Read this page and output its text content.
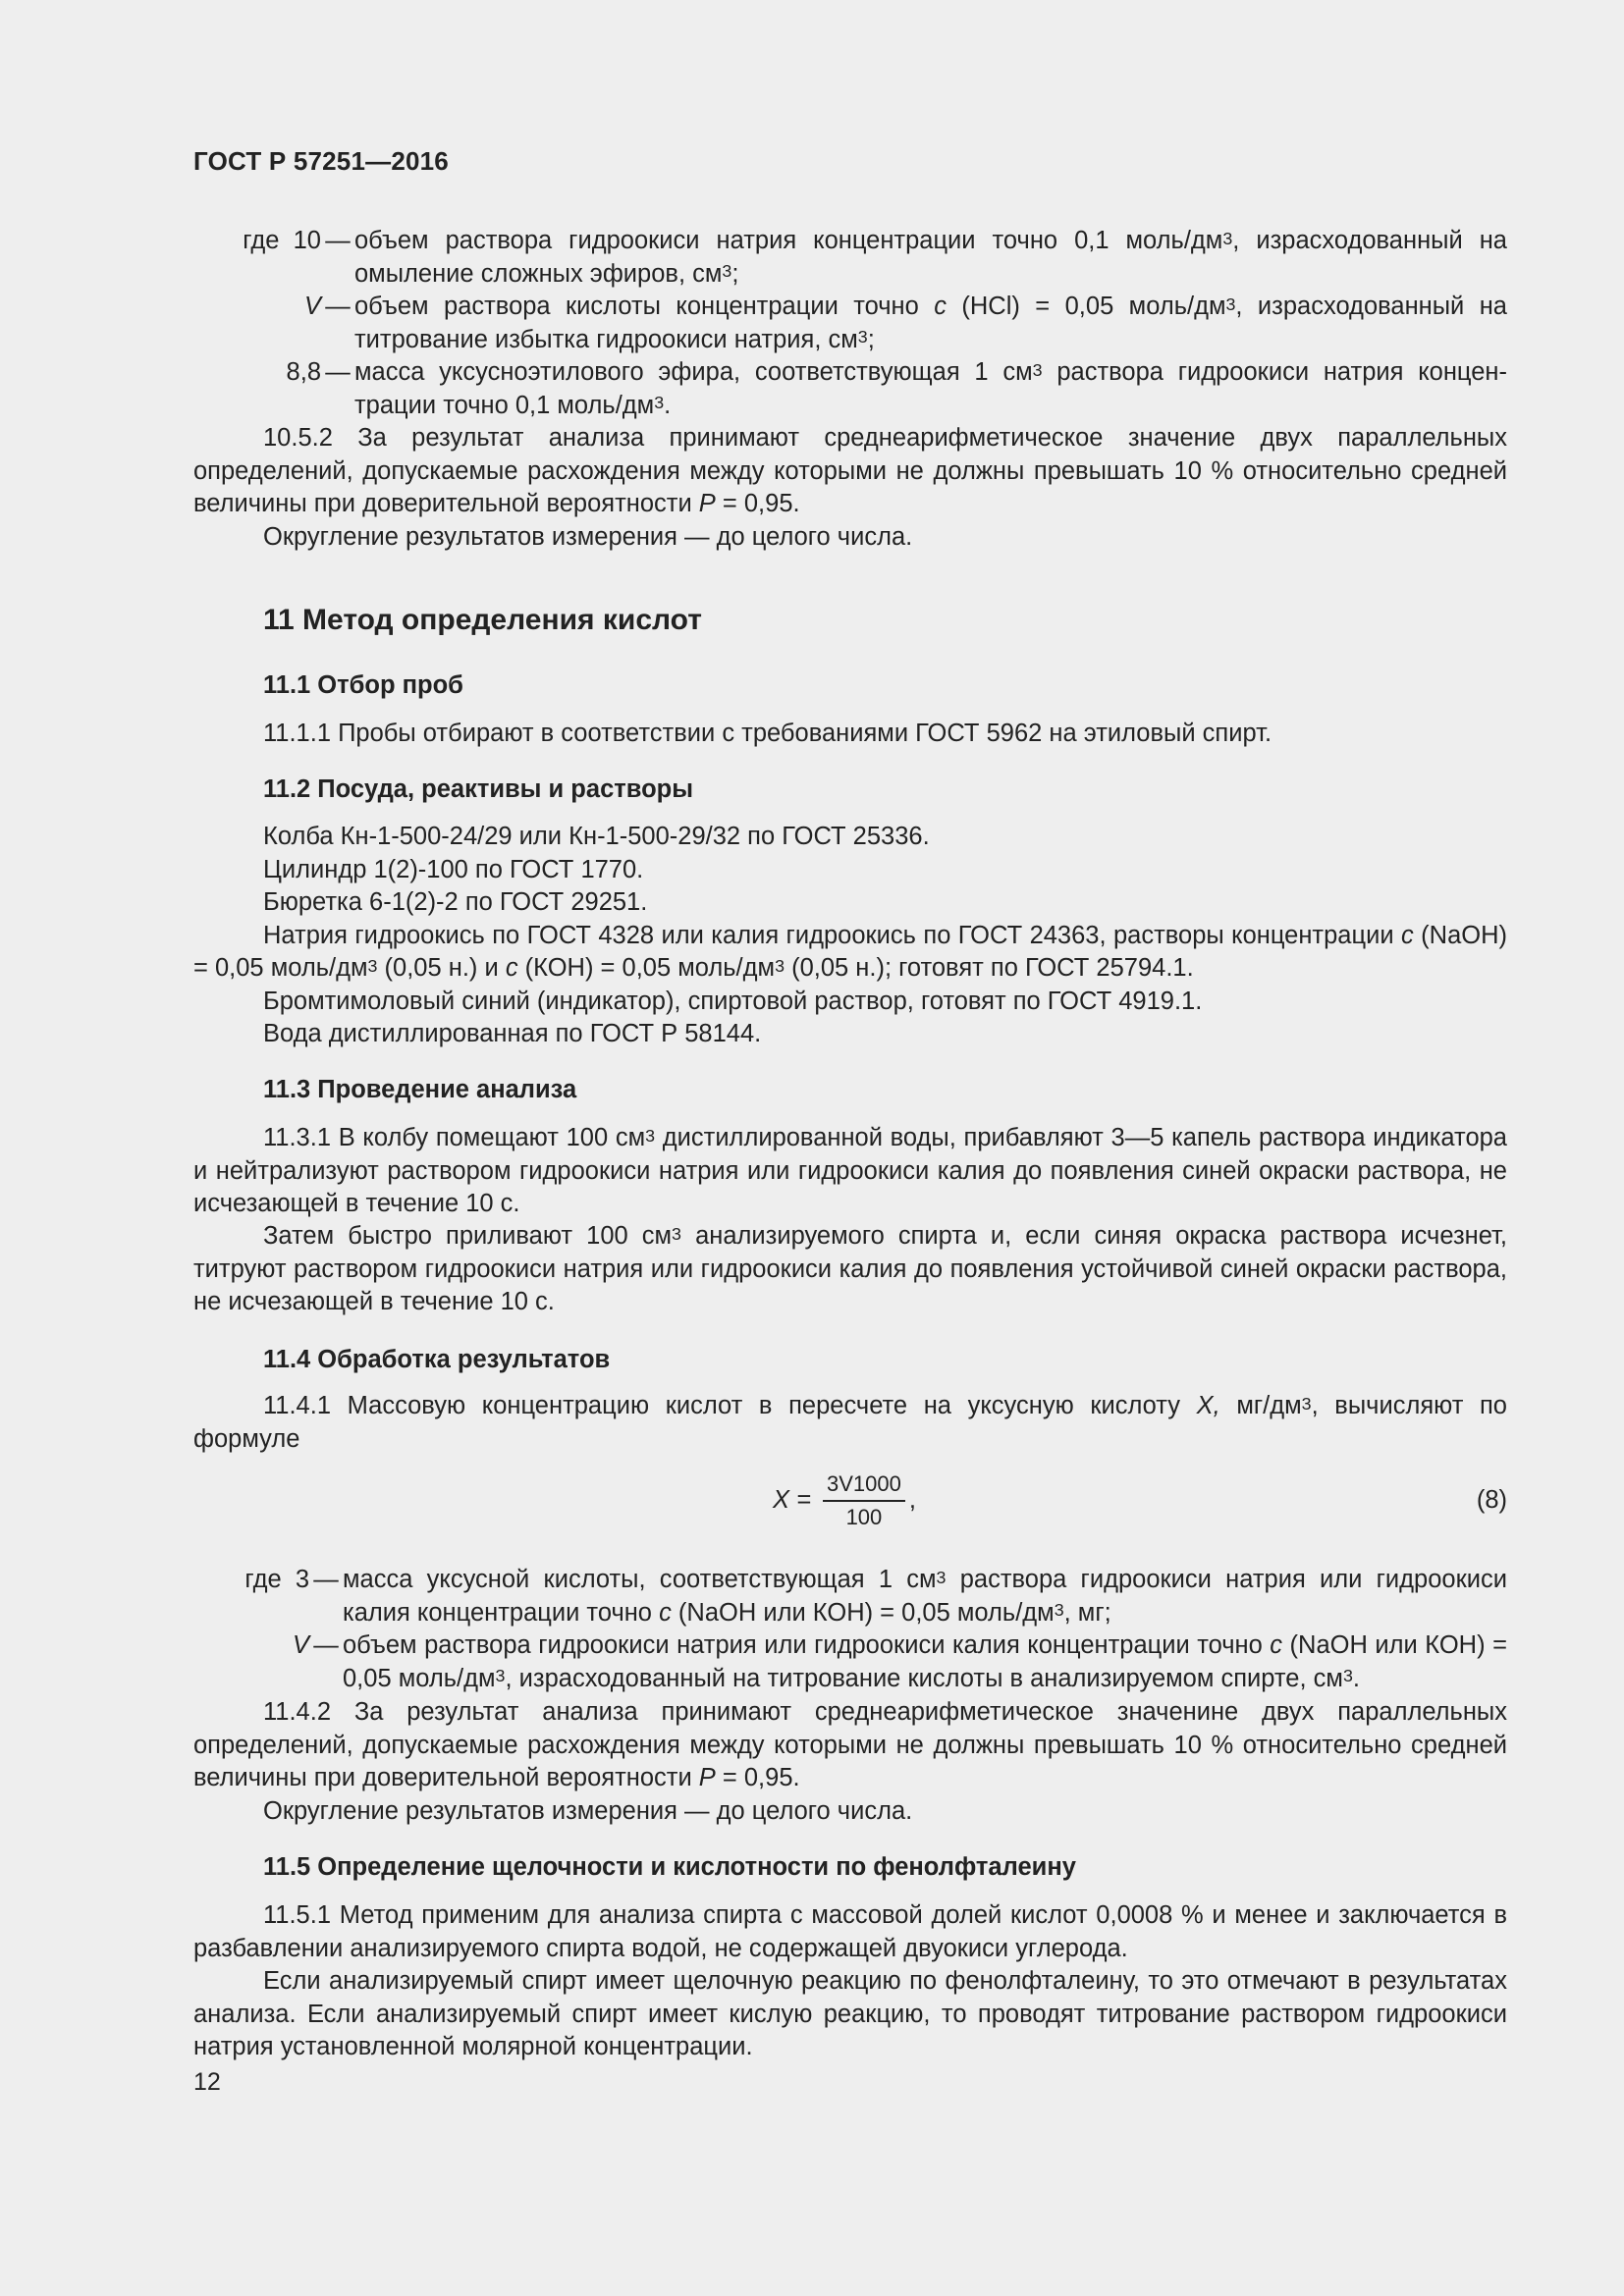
ГОСТ Р 57251—2016
где 10 — объем раствора гидроокиси натрия концентрации точно 0,1 моль/$дм^3$, израсходованный на омыление сложных эфиров, $см^3$;
V — объем раствора кислоты концентрации точно c (HCl) = 0,05 моль/$дм^3$, израсходованный на титрование избытка гидроокиси натрия, $см^3$;
8,8 — масса уксусноэтилового эфира, соответствующая 1 $см^3$ раствора гидроокиси натрия концентрации точно 0,1 моль/$дм^3$.

10.5.2 За результат анализа принимают среднеарифметическое значение двух параллельных определений, допускаемые расхождения между которыми не должны превышать 10 % относительно средней величины при доверительной вероятности P = 0,95.

Округление результатов измерения — до целого числа.

11 Метод определения кислот
11.1 Отбор проб

11.1.1 Пробы отбирают в соответствии с требованиями ГОСТ 5962 на этиловый спирт.

11.2 Посуда, реактивы и растворы

Колба Кн-1-500-24/29 или Кн-1-500-29/32 по ГОСТ 25336.

Цилиндр 1(2)-100 по ГОСТ 1770.

Бюретка 6-1(2)-2 по ГОСТ 29251.

Натрия гидроокись по ГОСТ 4328 или калия гидроокись по ГОСТ 24363, растворы концентрации c (NaOH) = 0,05 моль/$дм^3$ (0,05 н.) и c (КОН) = 0,05 моль/$дм^3$ (0,05 н.); готовят по ГОСТ 25794.1.

Бромтимоловый синий (индикатор), спиртовой раствор, готовят по ГОСТ 4919.1.

Вода дистиллированная по ГОСТ Р 58144.

11.3 Проведение анализа

11.3.1 В колбу помещают 100 $см^3$ дистиллированной воды, прибавляют 3—5 капель раствора индикатора и нейтрализуют раствором гидроокиси натрия или гидроокиси калия до появления синей окраски раствора, не исчезающей в течение 10 с.

Затем быстро приливают 100 $см^3$ анализируемого спирта и, если синяя окраска раствора исчезнет, титруют раствором гидроокиси натрия или гидроокиси калия до появления устойчивой синей окраски раствора, не исчезающей в течение 10 с.

11.4 Обработка результатов

11.4.1 Массовую концентрацию кислот в пересчете на уксусную кислоту X, $мг/дм^3$, вычисляют по формуле

$X = \frac{3V1000}{100}$ ,	(8)
где 3 — масса уксусной кислоты, соответствующая 1 $см^3$ раствора гидроокиси натрия или гидроокиси калия концентрации точно c (NaOH или КОН) = 0,05 моль/$дм^3$, мг;
V — объем раствора гидроокиси натрия или гидроокиси калия концентрации точно c (NaOH или КОН) = 0,05 моль/$дм^3$, израсходованный на титрование кислоты в анализируемом спирте, $см^3$.

11.4.2 За результат анализа принимают среднеарифметическое значенине двух параллельных определений, допускаемые расхождения между которыми не должны превышать 10 % относительно средней величины при доверительной вероятности P = 0,95.

Округление результатов измерения — до целого числа.

11.5 Определение щелочности и кислотности по фенолфталеину

11.5.1 Метод применим для анализа спирта с массовой долей кислот 0,0008 % и менее и заключается в разбавлении анализируемого спирта водой, не содержащей двуокиси углерода.

Если анализируемый спирт имеет щелочную реакцию по фенолфталеину, то это отмечают в результатах анализа. Если анализируемый спирт имеет кислую реакцию, то проводят титрование раствором гидроокиси натрия установленной молярной концентрации.

12
